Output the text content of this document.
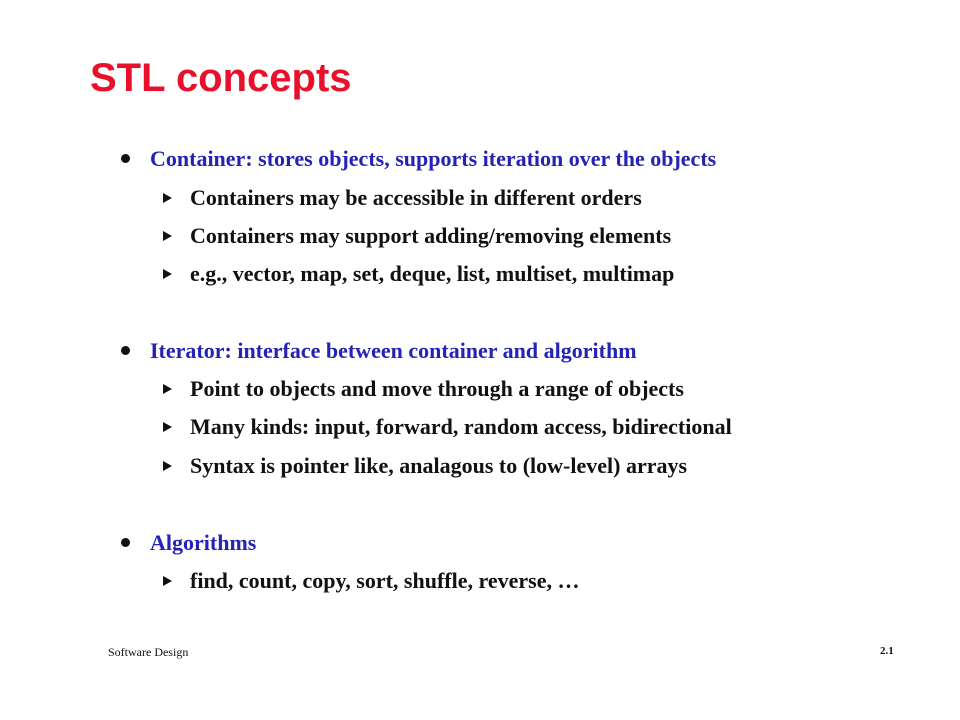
STL concepts
Container: stores objects, supports iteration over the objects
Containers may be accessible in different orders
Containers may support adding/removing elements
e.g., vector, map, set, deque, list, multiset, multimap
Iterator: interface between container and algorithm
Point to objects and move through a range of objects
Many kinds: input, forward, random access, bidirectional
Syntax is pointer like, analagous to (low-level) arrays
Algorithms
find, count, copy, sort, shuffle, reverse, …
Software Design	2.1
